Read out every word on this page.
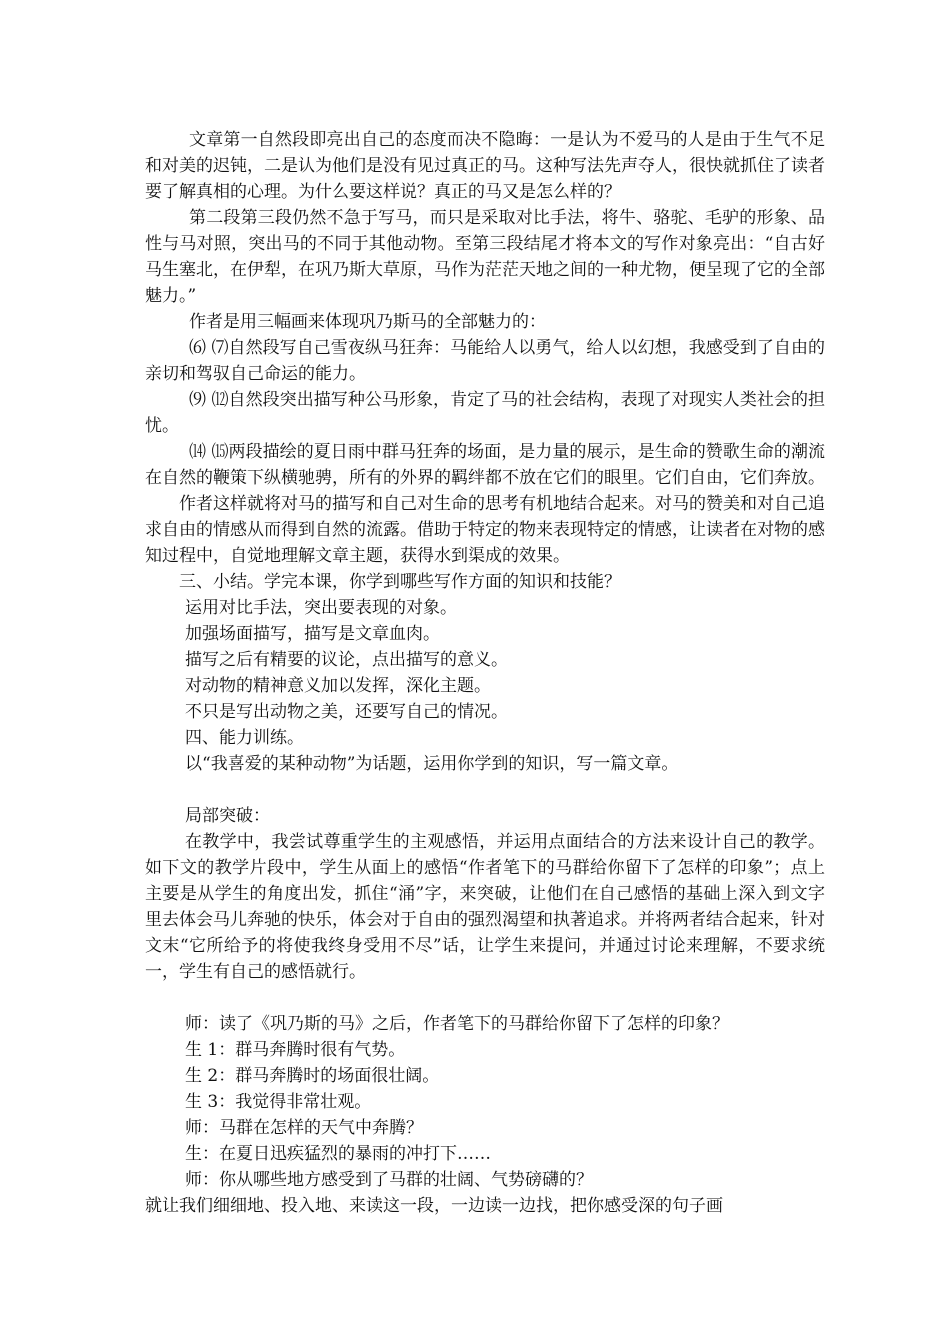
文章第一自然段即亮出自己的态度而决不隐晦：一是认为不爱马的人是由于生气不足和对美的迟钝，二是认为他们是没有见过真正的马。这种写法先声夺人，很快就抓住了读者要了解真相的心理。为什么要这样说？真正的马又是怎么样的？

第二段第三段仍然不急于写马，而只是采取对比手法，将牛、骆驼、毛驴的形象、品性与马对照，突出马的不同于其他动物。至第三段结尾才将本文的写作对象亮出：“自古好马生塞北，在伊犁，在巩乃斯大草原，马作为茫茫天地之间的一种尤物，便呈现了它的全部魅力。”

作者是用三幅画来体现巩乃斯马的全部魅力的：

⑹ ⑺自然段写自己雪夜纵马狂奔：马能给人以勇气，给人以幻想，我感受到了自由的亲切和驾驭自己命运的能力。

⑼ ⑿自然段突出描写种公马形象，肯定了马的社会结构，表现了对现实人类社会的担忧。

⒁ ⒂两段描绘的夏日雨中群马狂奔的场面，是力量的展示，是生命的赞歌生命的潮流在自然的鞭策下纵横驰骋，所有的外界的羁绊都不放在它们的眼里。它们自由，它们奔放。

作者这样就将对马的描写和自己对生命的思考有机地结合起来。对马的赞美和对自己追求自由的情感从而得到自然的流露。借助于特定的物来表现特定的情感，让读者在对物的感知过程中，自觉地理解文章主题，获得水到渠成的效果。

三、小结。学完本课，你学到哪些写作方面的知识和技能？

运用对比手法，突出要表现的对象。

加强场面描写，描写是文章血肉。

描写之后有精要的议论，点出描写的意义。

对动物的精神意义加以发挥，深化主题。

不只是写出动物之美，还要写自己的情况。

四、能力训练。

以“我喜爱的某种动物”为话题，运用你学到的知识，写一篇文章。

局部突破：

在教学中，我尝试尊重学生的主观感悟，并运用点面结合的方法来设计自己的教学。如下文的教学片段中，学生从面上的感悟“作者笔下的马群给你留下了怎样的印象”；点上主要是从学生的角度出发，抓住“涌”字，来突破，让他们在自己感悟的基础上深入到文字里去体会马儿奔驰的快乐，体会对于自由的强烈渴望和执著追求。并将两者结合起来，针对文末“它所给予的将使我终身受用不尽”话，让学生来提问，并通过讨论来理解，不要求统一，学生有自己的感悟就行。

师：读了《巩乃斯的马》之后，作者笔下的马群给你留下了怎样的印象？

生 1：群马奔腾时很有气势。

生 2：群马奔腾时的场面很壮阔。

生 3：我觉得非常壮观。

师：马群在怎样的天气中奔腾？

生：在夏日迅疾猛烈的暴雨的冲打下……

师：你从哪些地方感受到了马群的壮阔、气势磅礴的？

就让我们细细地、投入地、来读这一段，一边读一边找，把你感受深的句子画
